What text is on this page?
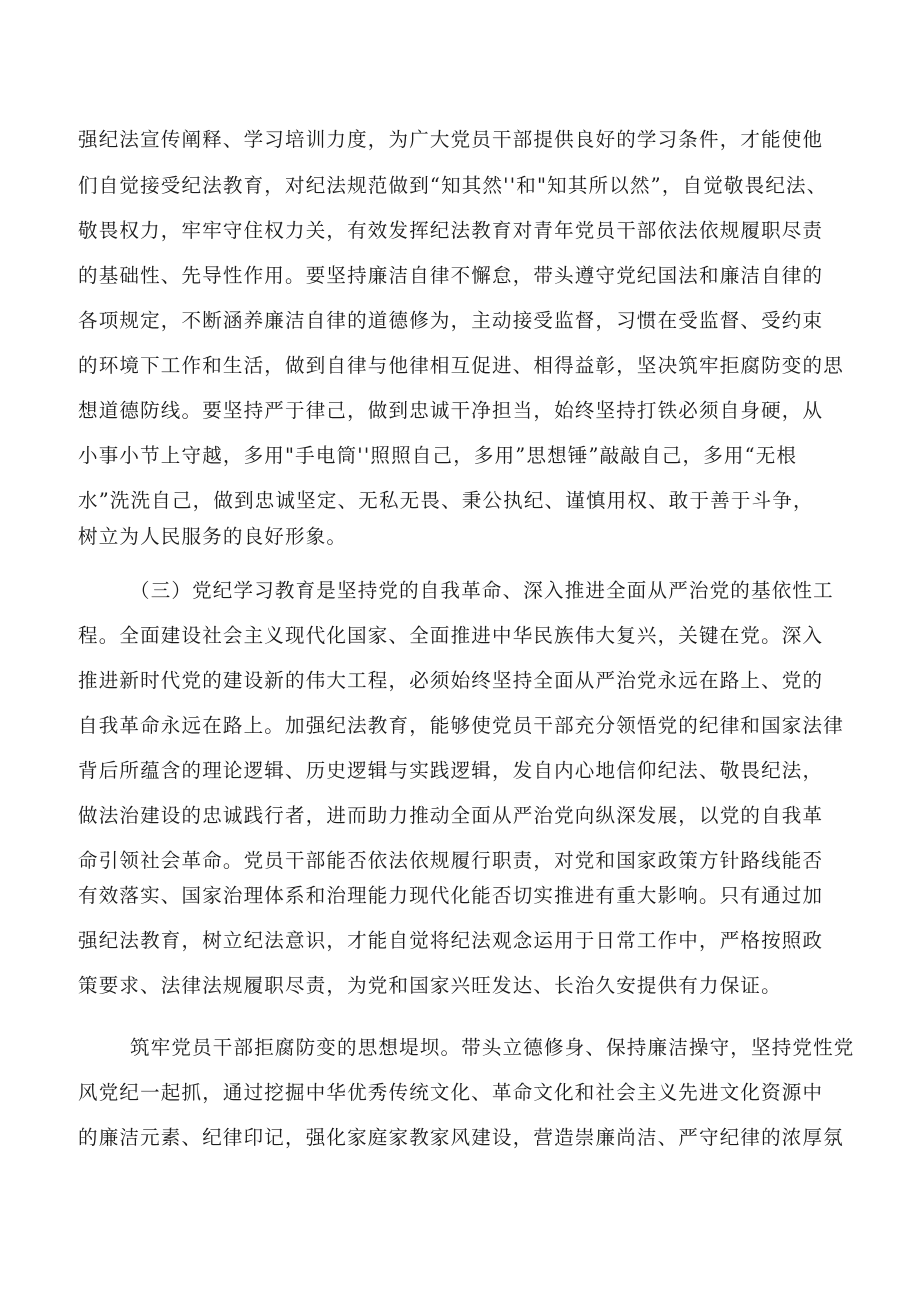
强纪法宣传阐释、学习培训力度，为广大党员干部提供良好的学习条件，才能使他
们自觉接受纪法教育，对纪法规范做到“知其然''和"知其所以然”，自觉敬畏纪法、
敬畏权力，牢牢守住权力关，有效发挥纪法教育对青年党员干部依法依规履职尽责
的基础性、先导性作用。要坚持廉洁自律不懈怠，带头遵守党纪国法和廉洁自律的
各项规定，不断涵养廉洁自律的道德修为，主动接受监督，习惯在受监督、受约束
的环境下工作和生活，做到自律与他律相互促进、相得益彰，坚决筑牢拒腐防变的思
想道德防线。要坚持严于律己，做到忠诚干净担当，始终坚持打铁必须自身硬，从
小事小节上守越，多用"手电筒''照照自己，多用”思想锤”敲敲自己，多用“无根
水”洗洗自己，做到忠诚坚定、无私无畏、秉公执纪、谨慎用权、敢于善于斗争，
树立为人民服务的良好形象。
（三）党纪学习教育是坚持党的自我革命、深入推进全面从严治党的基依性工
程。全面建设社会主义现代化国家、全面推进中华民族伟大复兴，关键在党。深入
推进新时代党的建设新的伟大工程，必须始终坚持全面从严治党永远在路上、党的
自我革命永远在路上。加强纪法教育，能够使党员干部充分领悟党的纪律和国家法律
背后所蕴含的理论逻辑、历史逻辑与实践逻辑，发自内心地信仰纪法、敬畏纪法，
做法治建设的忠诚践行者，进而助力推动全面从严治党向纵深发展，以党的自我革
命引领社会革命。党员干部能否依法依规履行职责，对党和国家政策方针路线能否
有效落实、国家治理体系和治理能力现代化能否切实推进有重大影响。只有通过加
强纪法教育，树立纪法意识，才能自觉将纪法观念运用于日常工作中，严格按照政
策要求、法律法规履职尽责，为党和国家兴旺发达、长治久安提供有力保证。
筑牢党员干部拒腐防变的思想堤坝。带头立德修身、保持廉洁操守，坚持党性党
风党纪一起抓，通过挖掘中华优秀传统文化、革命文化和社会主义先进文化资源中
的廉洁元素、纪律印记，强化家庭家教家风建设，营造崇廉尚洁、严守纪律的浓厚氛
